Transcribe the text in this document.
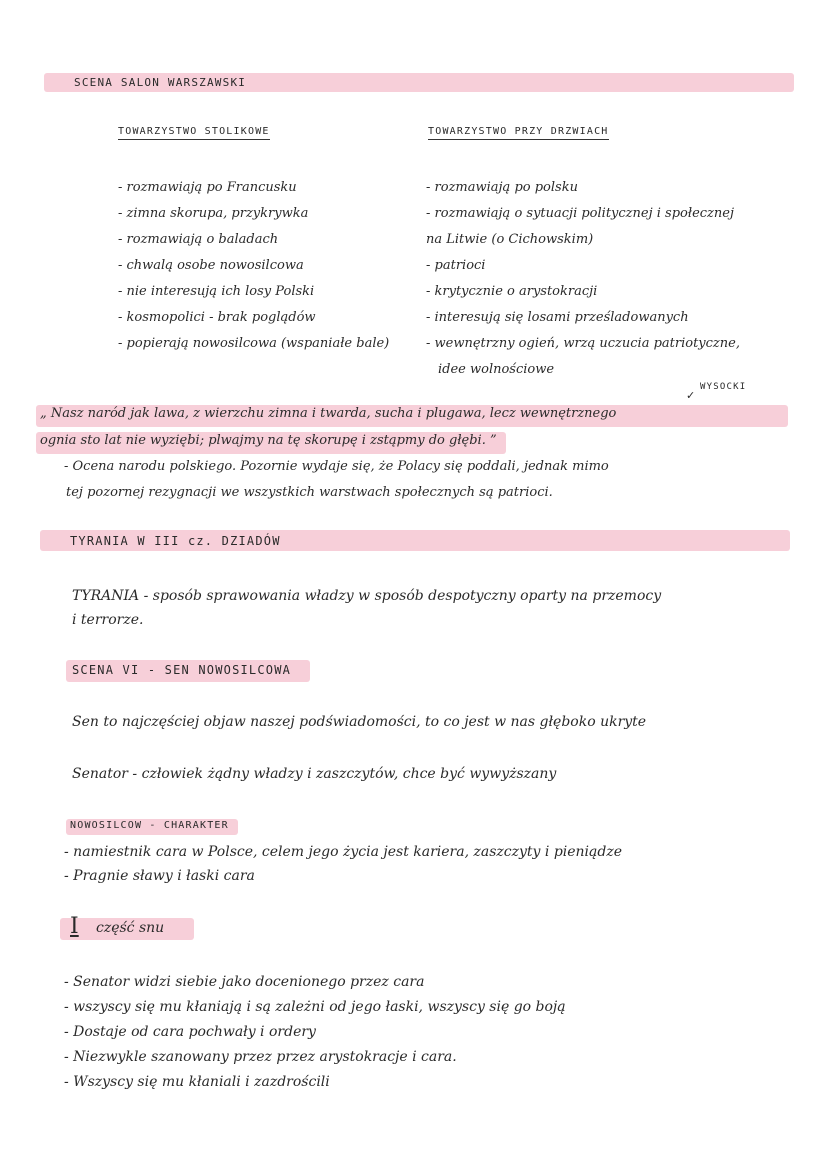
SCENA SALON WARSZAWSKI
TOWARZYSTWO STOLIKOWE	TOWARZYSTWO PRZY DRZWIACH
- rozmawiają po Francusku
- zimna skorupa, przykrywka
- rozmawiają o baladach
- chwalą osobe nowosilcowa
- nie interesują ich losy Polski
- kosmopolici - brak poglądów
- popierają nowosilcowa (wspaniałe bale)
- rozmawiają po polsku
- rozmawiają o sytuacji politycznej i społecznej
na Litwie (o Cichowskim)
- patrioci
- krytycznie o arystokracji
- interesują się losami prześladowanych
- wewnętrzny ogień, wrzą uczucia patriotyczne,
idee wolnościowe
WYSOCKI
✓
„ Nasz naród jak lawa, z wierzchu zimna i twarda, sucha i plugawa, lecz wewnętrznego
ognia sto lat nie wyziębi; plwajmy na tę skorupę i zstąpmy do głębi. ”
- Ocena narodu polskiego. Pozornie wydaje się, że Polacy się poddali, jednak mimo
tej pozornej rezygnacji we wszystkich warstwach społecznych są patrioci.
TYRANIA W III cz. DZIADÓW
TYRANIA - sposób sprawowania władzy w sposób despotyczny oparty na przemocy
i terrorze.
SCENA VI - SEN NOWOSILCOWA
Sen to najczęściej objaw naszej podświadomości, to co jest w nas głęboko ukryte
Senator - człowiek żądny władzy i zaszczytów, chce być wywyższany
NOWOSILCOW - CHARAKTER
- namiestnik cara w Polsce, celem jego życia jest kariera, zaszczyty i pieniądze
- Pragnie sławy i łaski cara
I część snu
- Senator widzi siebie jako docenionego przez cara
- wszyscy się mu kłaniają i są zależni od jego łaski, wszyscy się go boją
- Dostaje od cara pochwały i ordery
- Niezwykle szanowany przez przez arystokracje i cara.
- Wszyscy się mu kłaniali i zazdrościli
